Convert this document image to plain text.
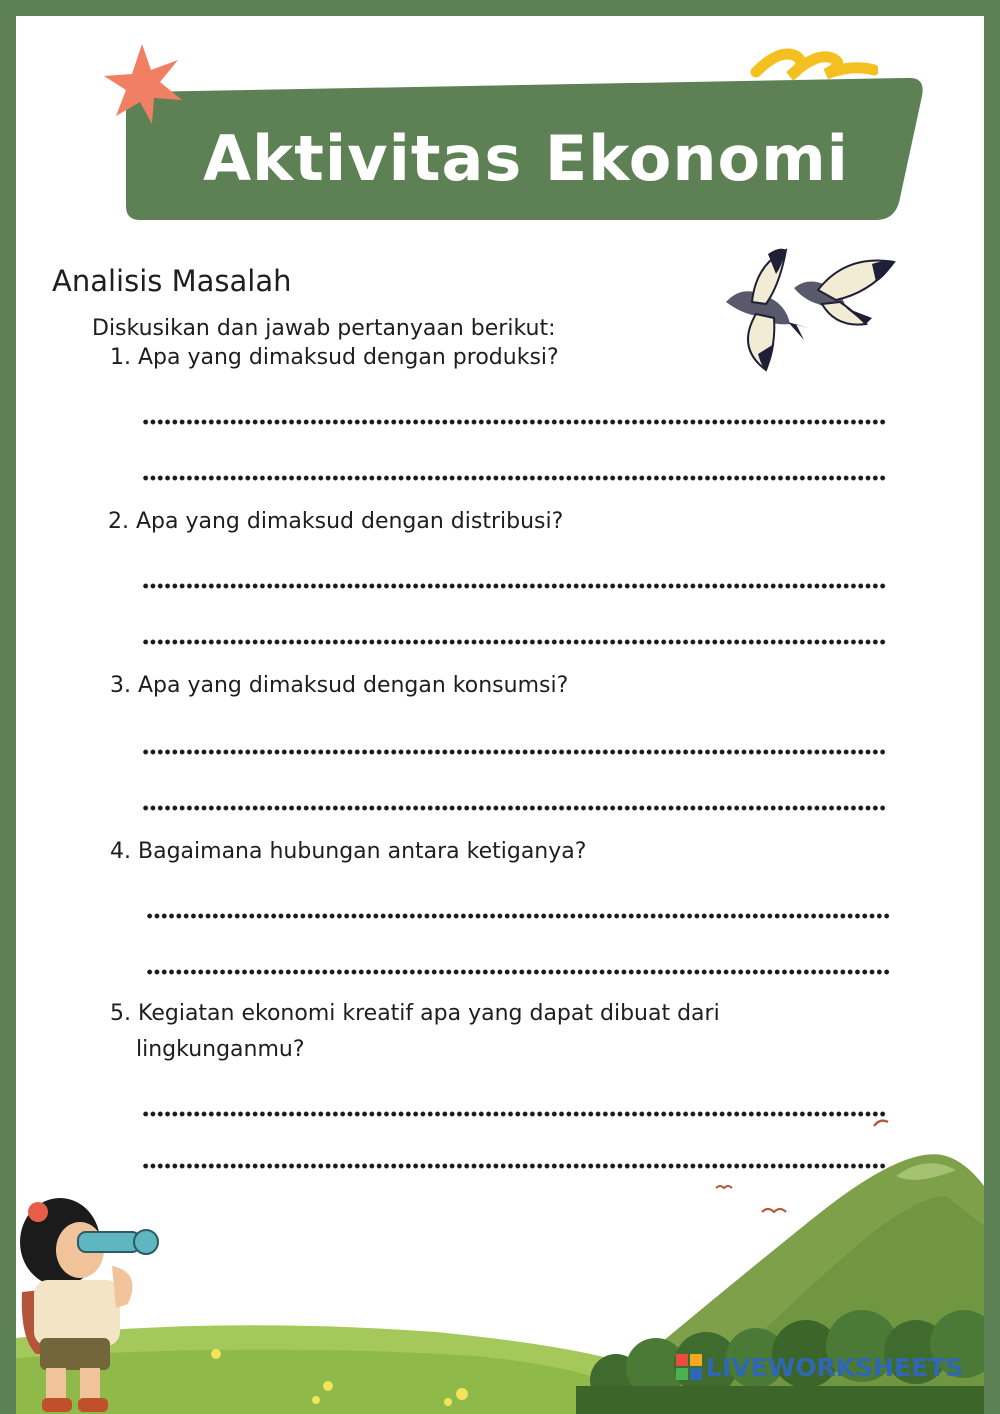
Aktivitas Ekonomi
Analisis Masalah
Diskusikan dan jawab pertanyaan berikut:
1. Apa yang dimaksud dengan produksi?
2. Apa yang dimaksud dengan distribusi?
3. Apa yang dimaksud dengan konsumsi?
4. Bagaimana hubungan antara ketiganya?
5. Kegiatan ekonomi kreatif apa yang dapat dibuat dari
lingkunganmu?
LIVEWORKSHEETS
